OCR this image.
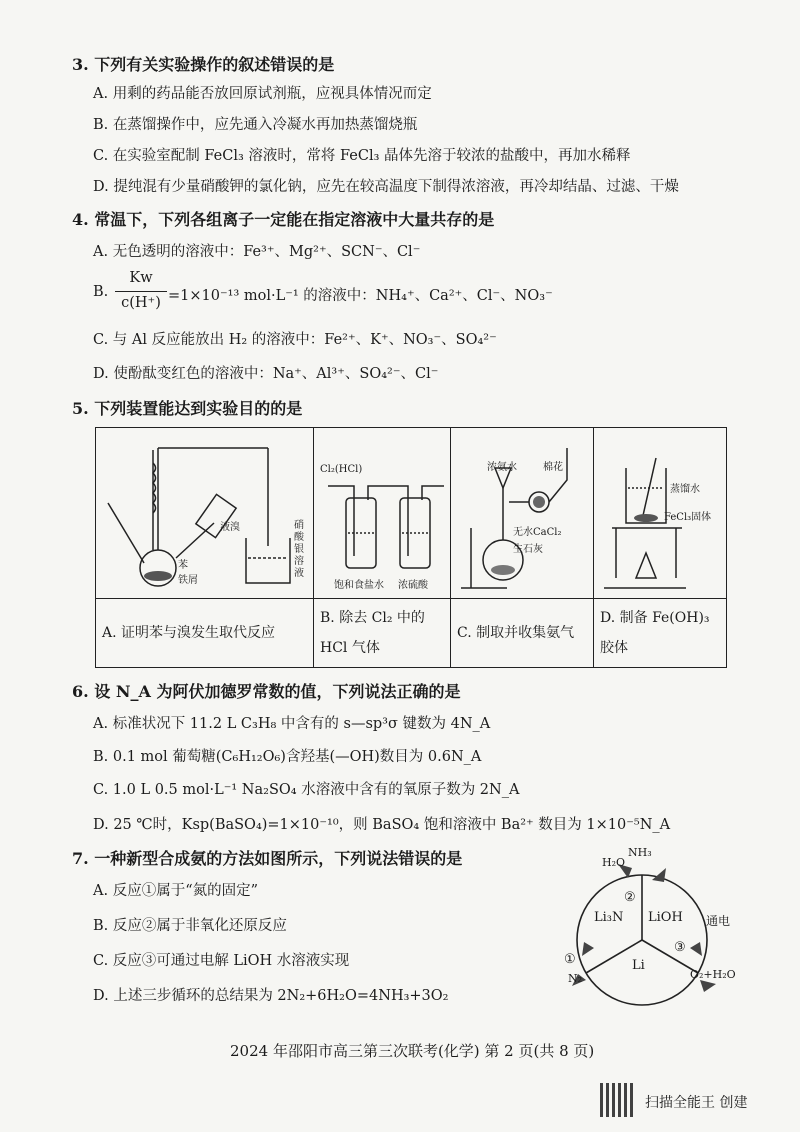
3. 下列有关实验操作的叙述错误的是
A. 用剩的药品能否放回原试剂瓶，应视具体情况而定
B. 在蒸馏操作中，应先通入冷凝水再加热蒸馏烧瓶
C. 在实验室配制 FeCl₃ 溶液时，常将 FeCl₃ 晶体先溶于较浓的盐酸中，再加水稀释
D. 提纯混有少量硝酸钾的氯化钠，应先在较高温度下制得浓溶液，再冷却结晶、过滤、干燥
4. 常温下，下列各组离子一定能在指定溶液中大量共存的是
A. 无色透明的溶液中：Fe³⁺、Mg²⁺、SCN⁻、Cl⁻
B.
Kw
c(H⁺) =1×10⁻¹³ mol·L⁻¹ 的溶液中：NH₄⁺、Ca²⁺、Cl⁻、NO₃⁻
C. 与 Al 反应能放出 H₂ 的溶液中：Fe²⁺、K⁺、NO₃⁻、SO₄²⁻
D. 使酚酞变红色的溶液中：Na⁺、Al³⁺、SO₄²⁻、Cl⁻
5. 下列装置能达到实验目的的是
液溴 硝酸银溶液
苯
铁屑	Cl₂(HCl)
饱和食盐水 浓硫酸	浓氨水 棉花
无水CaCl₂
生石灰	蒸馏水
FeCl₃固体

A. 证明苯与溴发生取代反应	B. 除去 Cl₂ 中的 HCl 气体	C. 制取并收集氨气	D. 制备 Fe(OH)₃ 胶体
6. 设 N_A 为阿伏加德罗常数的值，下列说法正确的是
A. 标准状况下 11.2 L C₃H₈ 中含有的 s—sp³σ 键数为 4N_A
B. 0.1 mol 葡萄糖(C₆H₁₂O₆)含羟基(—OH)数目为 0.6N_A
C. 1.0 L 0.5 mol·L⁻¹ Na₂SO₄ 水溶液中含有的氧原子数为 2N_A
D. 25 ℃时，Ksp(BaSO₄)=1×10⁻¹⁰，则 BaSO₄ 饱和溶液中 Ba²⁺ 数目为 1×10⁻⁵N_A
7. 一种新型合成氨的方法如图所示，下列说法错误的是
A. 反应①属于“氮的固定”
B. 反应②属于非氧化还原反应
C. 反应③可通过电解 LiOH 水溶液实现
D. 上述三步循环的总结果为 2N₂+6H₂O=4NH₃+3O₂
H₂O
NH₃
②
Li₃N LiOH
Li
通电
③
①
N₂	O₂+H₂O
2024 年邵阳市高三第三次联考(化学) 第 2 页(共 8 页)
扫描全能王 创建
